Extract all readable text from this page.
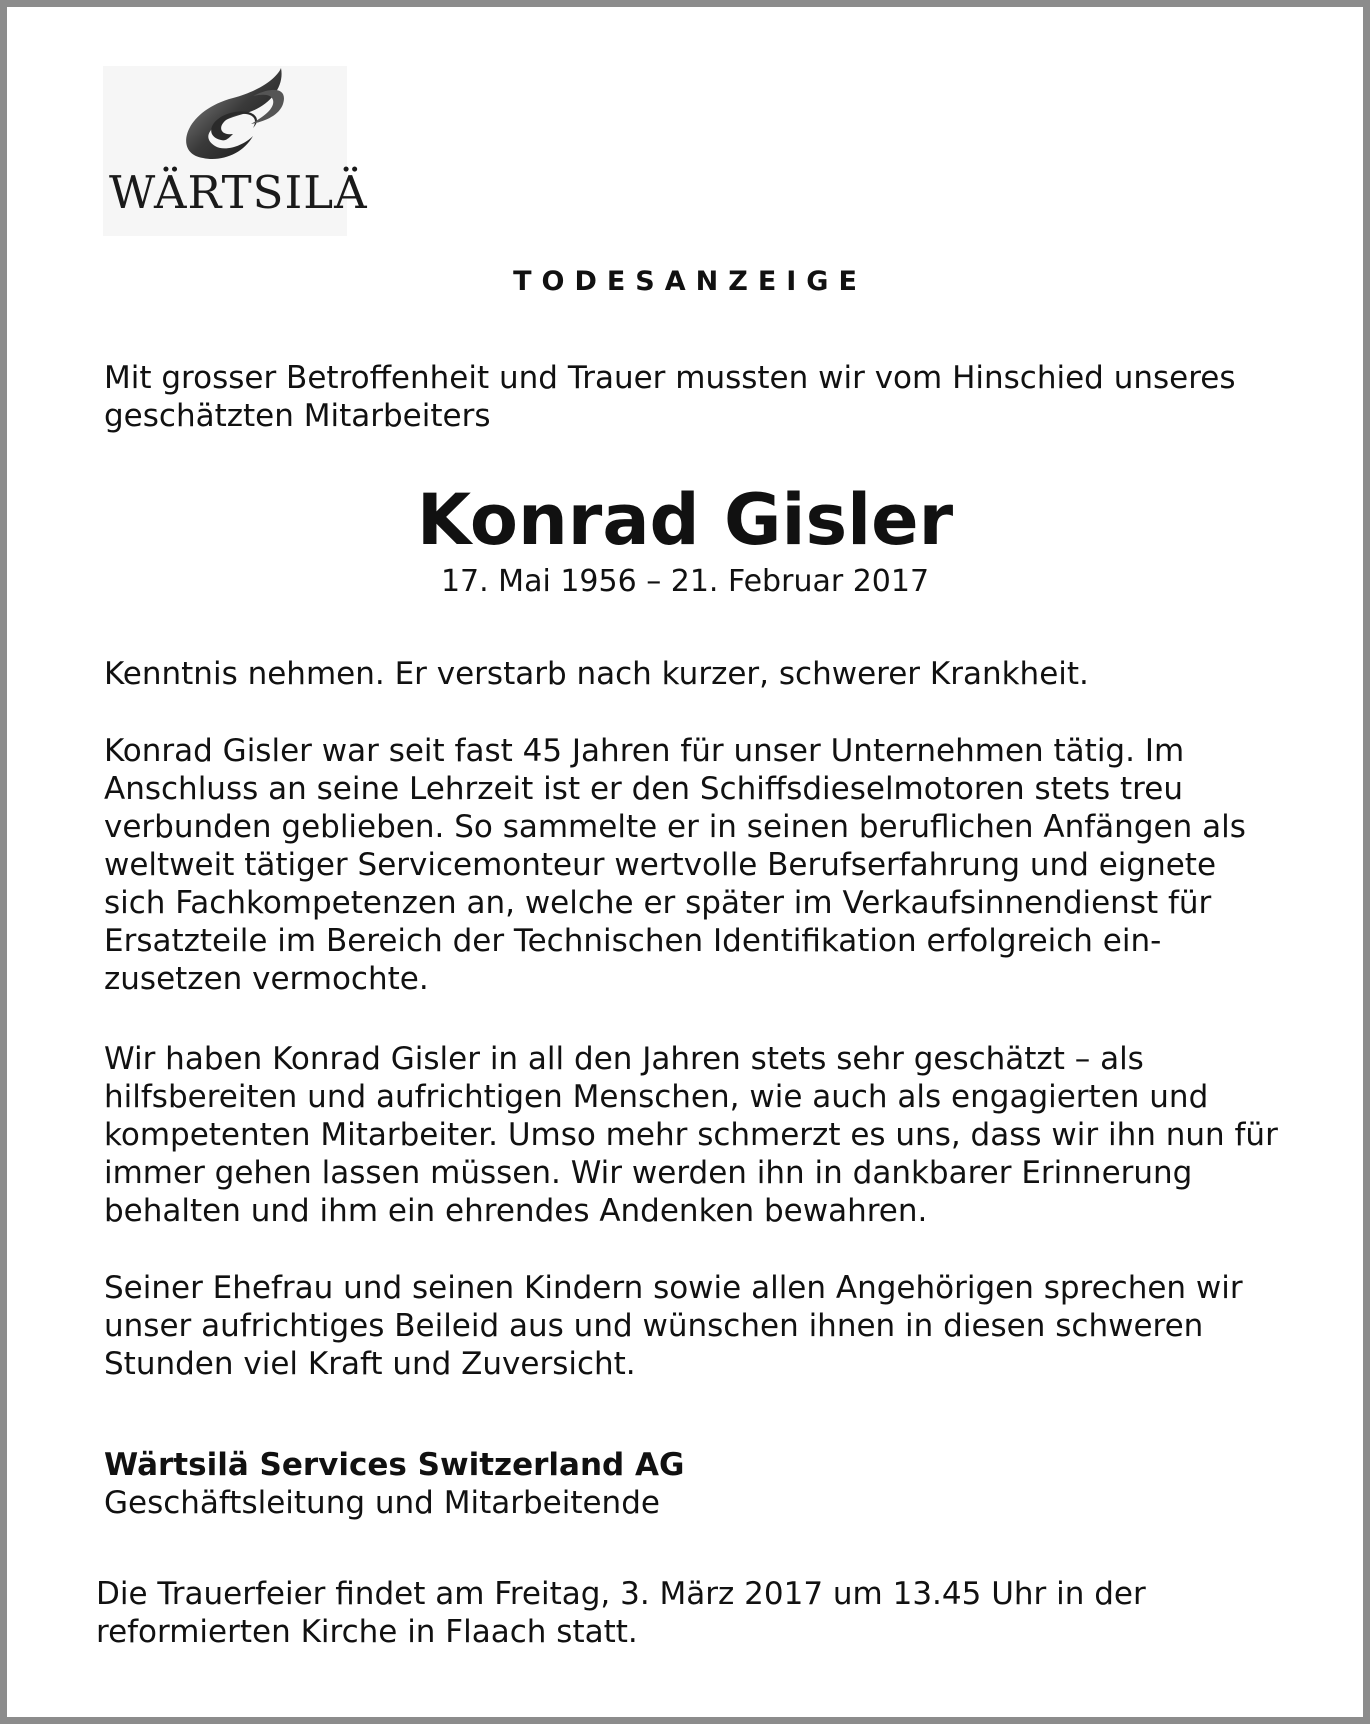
WÄRTSILÄ
TODESANZEIGE

Mit grosser Betroffenheit und Trauer mussten wir vom Hinschied unseres geschätzten Mitarbeiters

Konrad Gisler

17. Mai 1956 – 21. Februar 2017

Kenntnis nehmen. Er verstarb nach kurzer, schwerer Krankheit.

Konrad Gisler war seit fast 45 Jahren für unser Unternehmen tätig. Im Anschluss an seine Lehrzeit ist er den Schiffsdieselmotoren stets treu verbunden geblieben. So sammelte er in seinen beruflichen Anfängen als weltweit tätiger Servicemonteur wertvolle Berufserfahrung und eignete sich Fachkompetenzen an, welche er später im Verkaufsinnendienst für Ersatzteile im Bereich der Technischen Identifikation erfolgreich ein-zusetzen vermochte.

Wir haben Konrad Gisler in all den Jahren stets sehr geschätzt – als hilfsbereiten und aufrichtigen Menschen, wie auch als engagierten und kompetenten Mitarbeiter. Umso mehr schmerzt es uns, dass wir ihn nun für immer gehen lassen müssen. Wir werden ihn in dankbarer Erinnerung behalten und ihm ein ehrendes Andenken bewahren.

Seiner Ehefrau und seinen Kindern sowie allen Angehörigen sprechen wir unser aufrichtiges Beileid aus und wünschen ihnen in diesen schweren Stunden viel Kraft und Zuversicht.

Wärtsilä Services Switzerland AG

Geschäftsleitung und Mitarbeitende

Die Trauerfeier findet am Freitag, 3. März 2017 um 13.45 Uhr in der reformierten Kirche in Flaach statt.
